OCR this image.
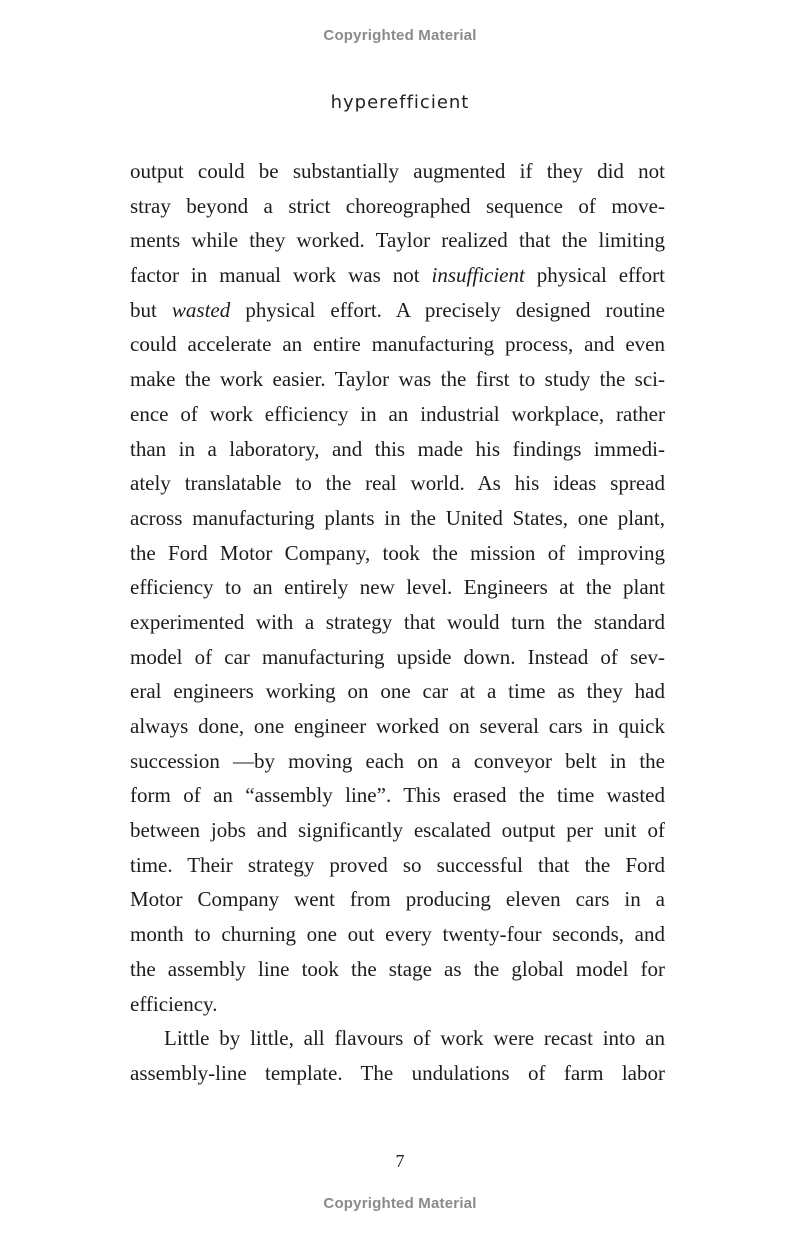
Copyrighted Material
hyperefficient
output could be substantially augmented if they did not
stray beyond a strict choreographed sequence of move-
ments while they worked. Taylor realized that the limiting
factor in manual work was not insufficient physical effort
but wasted physical effort. A precisely designed routine
could accelerate an entire manufacturing process, and even
make the work easier. Taylor was the first to study the sci-
ence of work efficiency in an industrial workplace, rather
than in a laboratory, and this made his findings immedi-
ately translatable to the real world. As his ideas spread
across manufacturing plants in the United States, one plant,
the Ford Motor Company, took the mission of improving
efficiency to an entirely new level. Engineers at the plant
experimented with a strategy that would turn the standard
model of car manufacturing upside down. Instead of sev-
eral engineers working on one car at a time as they had
always done, one engineer worked on several cars in quick
succession —by moving each on a conveyor belt in the
form of an “assembly line”. This erased the time wasted
between jobs and significantly escalated output per unit of
time. Their strategy proved so successful that the Ford
Motor Company went from producing eleven cars in a
month to churning one out every twenty-four seconds, and
the assembly line took the stage as the global model for
efficiency.
Little by little, all flavours of work were recast into an
assembly-line template. The undulations of farm labor
7
Copyrighted Material
